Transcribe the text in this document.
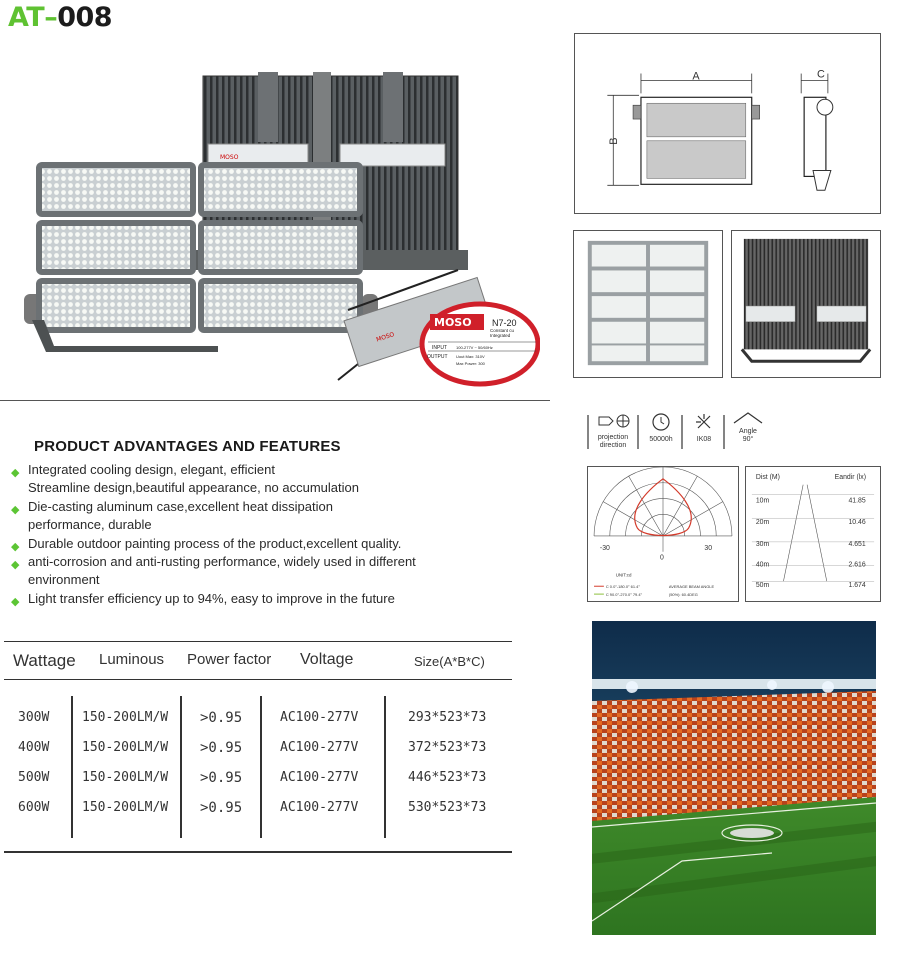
AT–008
MOSO
MOSO
MOSO N7-20
Constant cu
Integrated
INPUT 100-277V ~ 50/60Hz
OUTPUT Uout Max: 310V
Max Power: 300
A
B
C
PRODUCT ADVANTAGES AND FEATURES
◆ Integrated cooling design, elegant, efficient
Streamline design,beautiful appearance, no accumulation
◆ Die-casting aluminum case,excellent heat dissipation
performance, durable
◆ Durable outdoor painting process of the product,excellent quality.
◆ anti-corrosion and anti-rusting performance, widely used in different
environment
◆ Light transfer efficiency up to 94%, easy to improve in the future
Wattage Luminous Power factor Voltage	Size(A*B*C)
300W	150-200LM/W >0.95	AC100-277V	293*523*73
400W	150-200LM/W >0.95	AC100-277V	372*523*73
500W	150-200LM/W >0.95	AC100-277V	446*523*73
600W	150-200LM/W >0.95	AC100-277V	530*523*73
projection direction
50000h	IK08
Angle
90°
-30	30
0
UNIT:cd
C 0.0°-180.0° 61.4°
C 90.0°-270.0° 79.4°
AVERAGE BEAM ANGLE
(50%): 60.4DEG
Dist (M)	Eandir (lx)
10m	41.85
20m	10.46
30m	4.651
40m	2.616
50m	1.674
